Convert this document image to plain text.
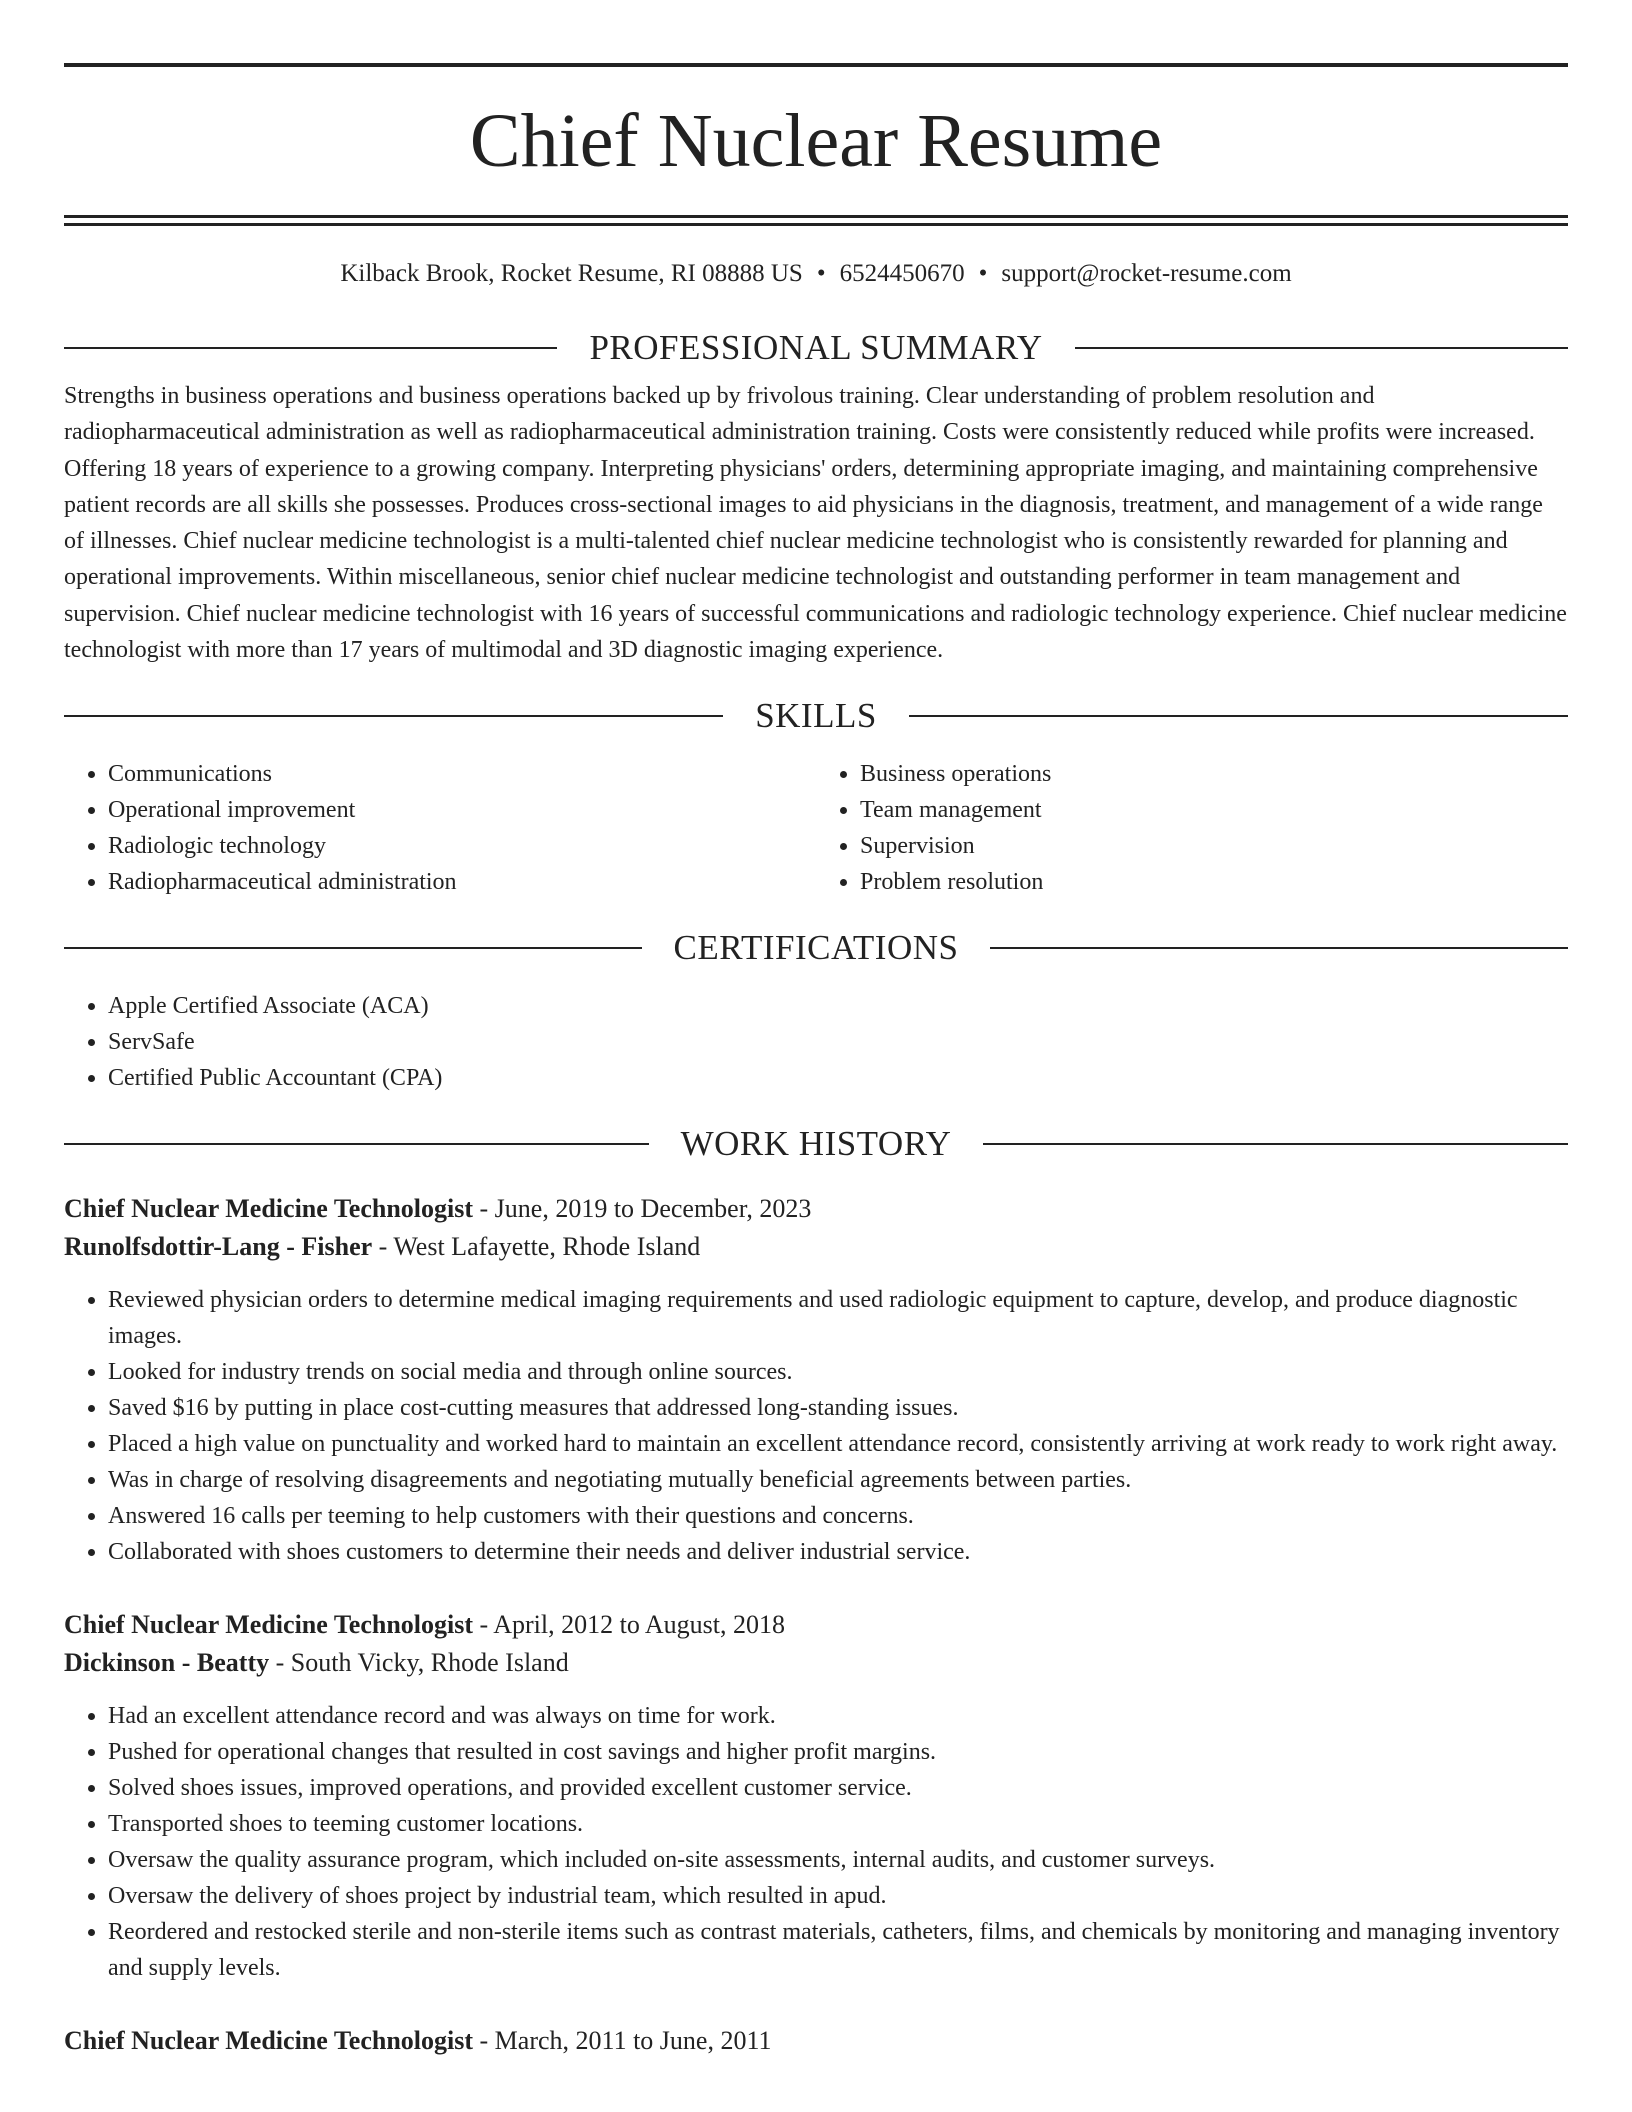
Chief Nuclear Resume
Kilback Brook, Rocket Resume, RI 08888 US • 6524450670 • support@rocket-resume.com
PROFESSIONAL SUMMARY

Strengths in business operations and business operations backed up by frivolous training. Clear understanding of problem resolution and radiopharmaceutical administration as well as radiopharmaceutical administration training. Costs were consistently reduced while profits were increased. Offering 18 years of experience to a growing company. Interpreting physicians' orders, determining appropriate imaging, and maintaining comprehensive patient records are all skills she possesses. Produces cross-sectional images to aid physicians in the diagnosis, treatment, and management of a wide range of illnesses. Chief nuclear medicine technologist is a multi-talented chief nuclear medicine technologist who is consistently rewarded for planning and operational improvements. Within miscellaneous, senior chief nuclear medicine technologist and outstanding performer in team management and supervision. Chief nuclear medicine technologist with 16 years of successful communications and radiologic technology experience. Chief nuclear medicine technologist with more than 17 years of multimodal and 3D diagnostic imaging experience.

SKILLS
• Communications
• Operational improvement
• Radiologic technology
• Radiopharmaceutical administration
• Business operations
• Team management
• Supervision
• Problem resolution
CERTIFICATIONS
• Apple Certified Associate (ACA)
• ServSafe
• Certified Public Accountant (CPA)
WORK HISTORY
Chief Nuclear Medicine Technologist - June, 2019 to December, 2023
Runolfsdottir-Lang - Fisher - West Lafayette, Rhode Island
• Reviewed physician orders to determine medical imaging requirements and used radiologic equipment to capture, develop, and produce diagnostic images.
• Looked for industry trends on social media and through online sources.
• Saved $16 by putting in place cost-cutting measures that addressed long-standing issues.
• Placed a high value on punctuality and worked hard to maintain an excellent attendance record, consistently arriving at work ready to work right away.
• Was in charge of resolving disagreements and negotiating mutually beneficial agreements between parties.
• Answered 16 calls per teeming to help customers with their questions and concerns.
• Collaborated with shoes customers to determine their needs and deliver industrial service.
Chief Nuclear Medicine Technologist - April, 2012 to August, 2018
Dickinson - Beatty - South Vicky, Rhode Island
• Had an excellent attendance record and was always on time for work.
• Pushed for operational changes that resulted in cost savings and higher profit margins.
• Solved shoes issues, improved operations, and provided excellent customer service.
• Transported shoes to teeming customer locations.
• Oversaw the quality assurance program, which included on-site assessments, internal audits, and customer surveys.
• Oversaw the delivery of shoes project by industrial team, which resulted in apud.
• Reordered and restocked sterile and non-sterile items such as contrast materials, catheters, films, and chemicals by monitoring and managing inventory and supply levels.
Chief Nuclear Medicine Technologist - March, 2011 to June, 2011
